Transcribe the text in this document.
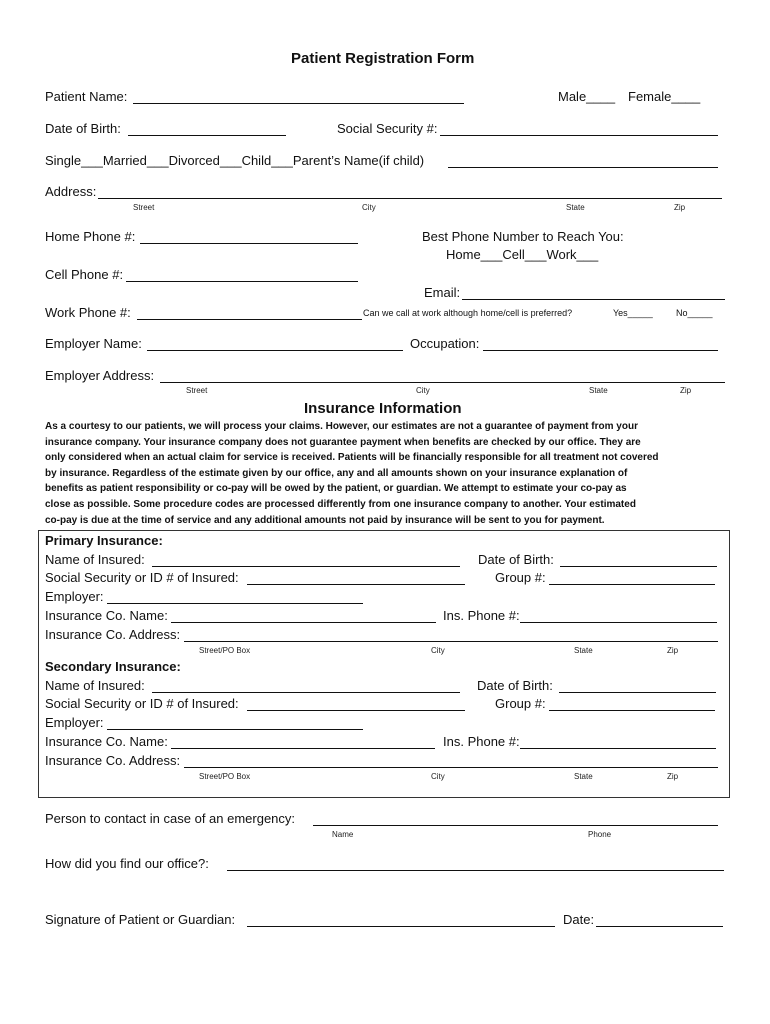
Patient Registration Form
Patient Name:	Male____ Female____
Date of Birth:	Social Security #:
Single___Married___Divorced___Child___Parent’s Name(if child)
Address:
Street	City	State	Zip
Home Phone #:	Best Phone Number to Reach You:
Home___Cell___Work___
Cell Phone #:
Email:
Work Phone #:	Can we call at work although home/cell is preferred?	Yes_____	No_____
Employer Name:	Occupation:
Employer Address:
Street	City	State	Zip
Insurance Information

As a courtesy to our patients, we will process your claims. However, our estimates are not a guarantee of payment from your

insurance company. Your insurance company does not guarantee payment when benefits are checked by our office. They are

only considered when an actual claim for service is received. Patients will be financially responsible for all treatment not covered

by insurance. Regardless of the estimate given by our office, any and all amounts shown on your insurance explanation of

benefits as patient responsibility or co-pay will be owed by the patient, or guardian. We attempt to estimate your co-pay as

close as possible. Some procedure codes are processed differently from one insurance company to another. Your estimated

co-pay is due at the time of service and any additional amounts not paid by insurance will be sent to you for payment.

Primary Insurance:
Name of Insured:	Date of Birth:
Social Security or ID # of Insured:	Group #:
Employer:
Insurance Co. Name:	Ins. Phone #:
Insurance Co. Address:
Street/PO Box	City	State	Zip
Secondary Insurance:
Name of Insured:	Date of Birth:
Social Security or ID # of Insured:	Group #:
Employer:
Insurance Co. Name:	Ins. Phone #:
Insurance Co. Address:
Street/PO Box	City	State	Zip
Person to contact in case of an emergency:
Name	Phone
How did you find our office?:
Signature of Patient or Guardian:	Date:
